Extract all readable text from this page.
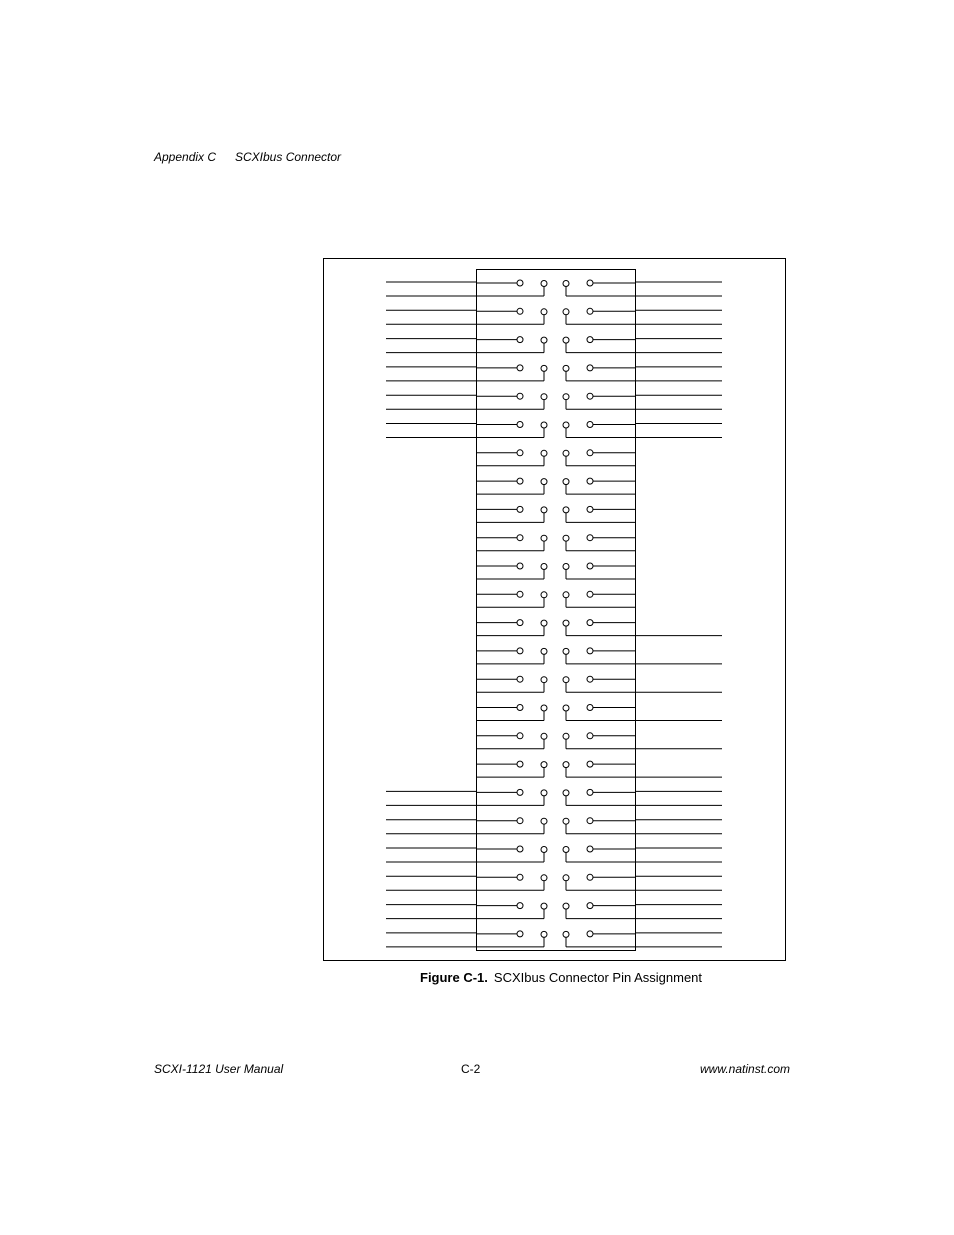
Appendix C SCXIbus Connector
Figure C-1. SCXIbus Connector Pin Assignment
SCXI-1121 User Manual	C-2	www.natinst.com
